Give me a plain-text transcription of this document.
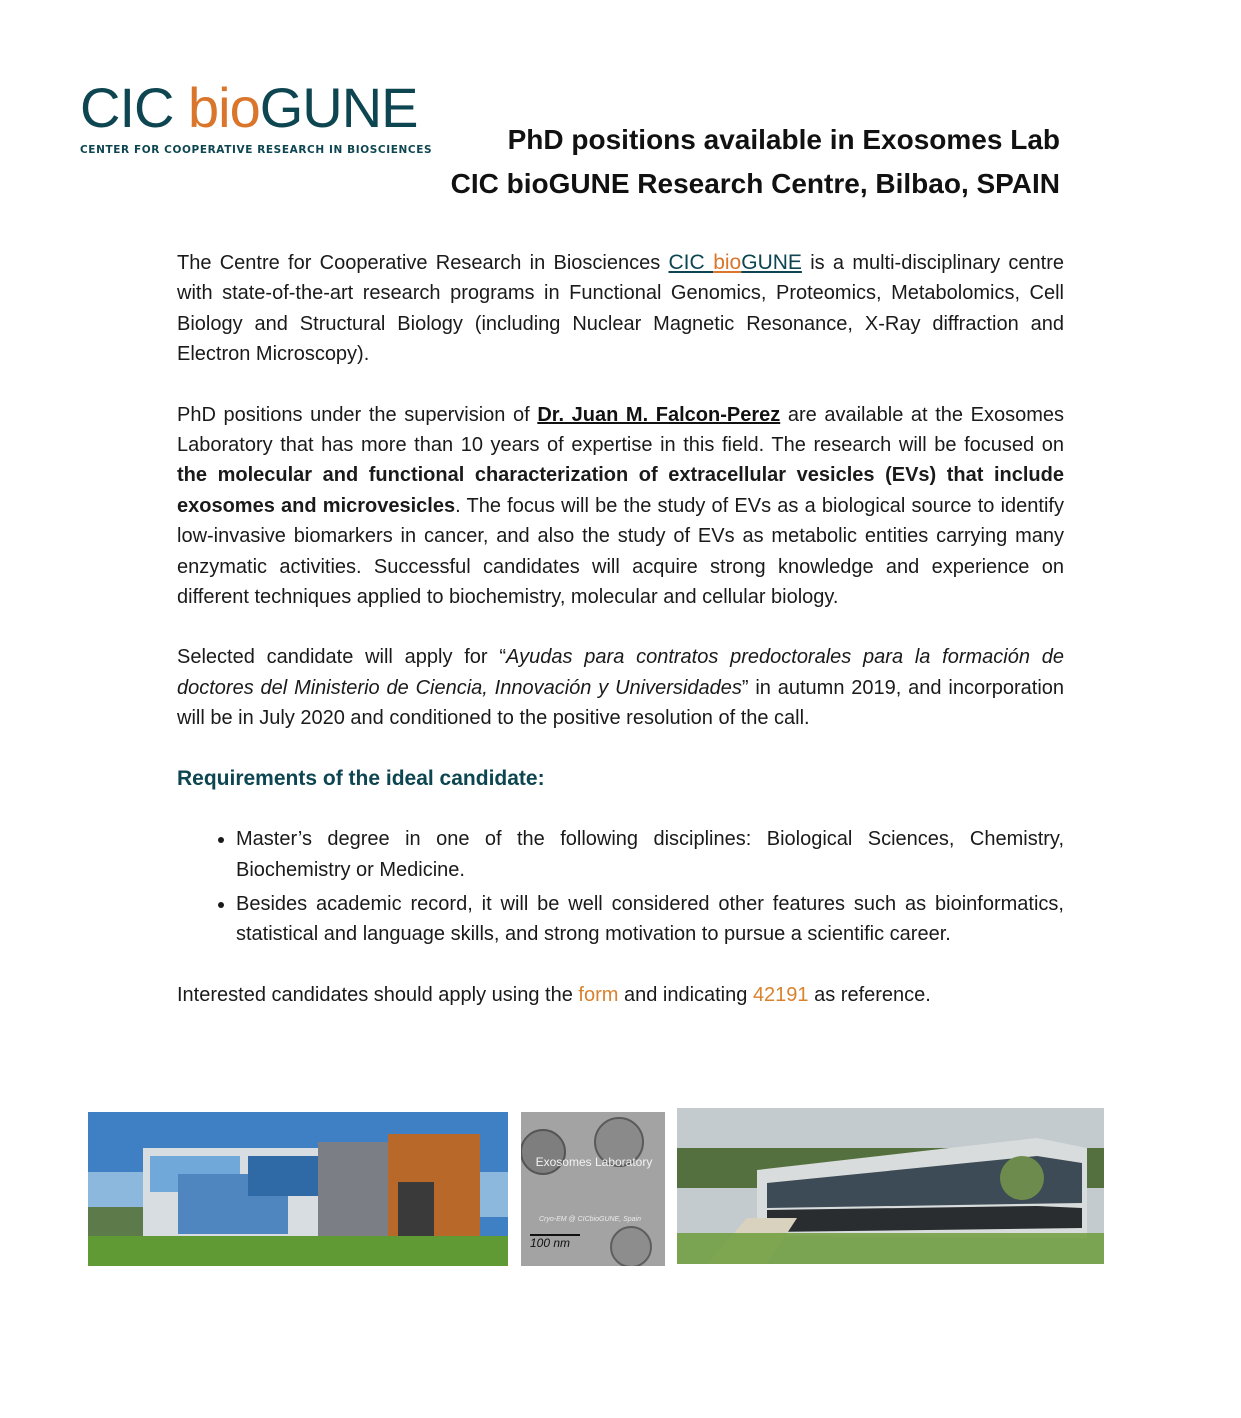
CIC bioGUNE
CENTER FOR COOPERATIVE RESEARCH IN BIOSCIENCES	PhD positions available in Exosomes Lab
CIC bioGUNE Research Centre, Bilbao, SPAIN

The Centre for Cooperative Research in Biosciences CIC bioGUNE is a multi-disciplinary centre with state-of-the-art research programs in Functional Genomics, Proteomics, Metabolomics, Cell Biology and Structural Biology (including Nuclear Magnetic Resonance, X-Ray diffraction and Electron Microscopy).

PhD positions under the supervision of Dr. Juan M. Falcon-Perez are available at the Exosomes Laboratory that has more than 10 years of expertise in this field. The research will be focused on the molecular and functional characterization of extracellular vesicles (EVs) that include exosomes and microvesicles. The focus will be the study of EVs as a biological source to identify low-invasive biomarkers in cancer, and also the study of EVs as metabolic entities carrying many enzymatic activities. Successful candidates will acquire strong knowledge and experience on different techniques applied to biochemistry, molecular and cellular biology.

Selected candidate will apply for “Ayudas para contratos predoctorales para la formación de doctores del Ministerio de Ciencia, Innovación y Universidades” in autumn 2019, and incorporation will be in July 2020 and conditioned to the positive resolution of the call.

Requirements of the ideal candidate:
• Master’s degree in one of the following disciplines: Biological Sciences, Chemistry, Biochemistry or Medicine.
• Besides academic record, it will be well considered other features such as bioinformatics, statistical and language skills, and strong motivation to pursue a scientific career.

Interested candidates should apply using the form and indicating 42191 as reference.

Exosomes Laboratory
Cryo-EM @ CICbioGUNE, Spain
100 nm
